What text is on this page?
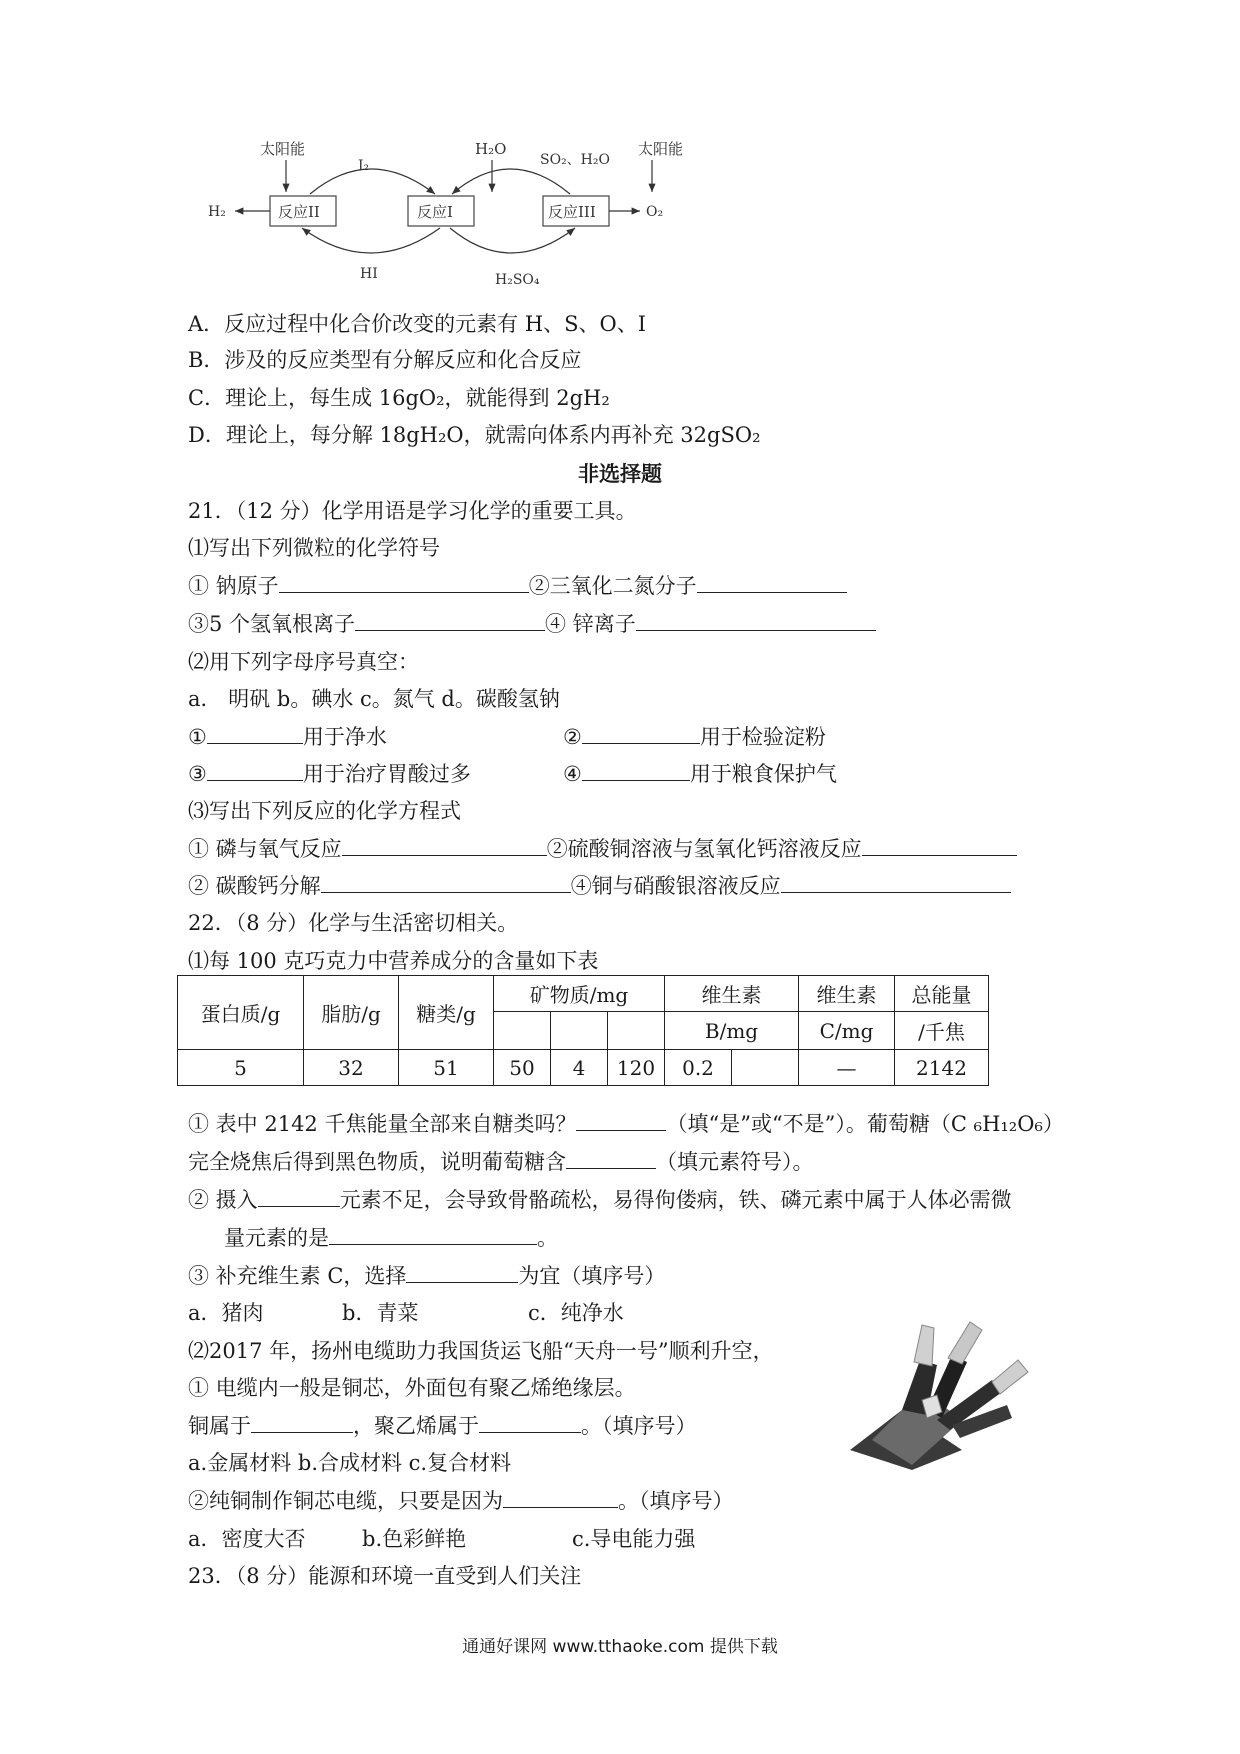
太阳能	H₂O
SO₂、H₂O
太阳能
I₂
反应II	反应I	反应III
H₂	O₂
HI	H₂SO₄
A．反应过程中化合价改变的元素有 H、S、O、I
B．涉及的反应类型有分解反应和化合反应
C．理论上，每生成 16gO₂，就能得到 2gH₂
D．理论上，每分解 18gH₂O，就需向体系内再补充 32gSO₂
非选择题
21．（12 分）化学用语是学习化学的重要工具。
⑴写出下列微粒的化学符号
① 钠原子	②三氧化二氮分子
③5 个氢氧根离子	④ 锌离子
⑵用下列字母序号真空：
a． 明矾 b。碘水 c。氮气 d。碳酸氢钠
①	用于净水	②	用于检验淀粉
③	用于治疗胃酸过多	④	用于粮食保护气
⑶写出下列反应的化学方程式
① 磷与氧气反应	②硫酸铜溶液与氢氧化钙溶液反应
② 碳酸钙分解	④铜与硝酸银溶液反应
22．（8 分）化学与生活密切相关。
⑴每 100 克巧克力中营养成分的含量如下表
蛋白质/g	脂肪/g	糖类/g	矿物质/mg			维生素		维生素	总能量
						B/mg		C/mg	/千焦
5	32	51	50	4	120	0.2		—	2142
① 表中 2142 千焦能量全部来自糖类吗？	（填“是”或“不是”）。葡萄糖（C ₆H₁₂O₆）
完全烧焦后得到黑色物质，说明葡萄糖含	（填元素符号）。
② 摄入	元素不足，会导致骨骼疏松，易得佝偻病，铁、磷元素中属于人体必需微
量元素的是	。
③ 补充维生素 C，选择	为宜（填序号）
a．猪肉	b．青菜	c．纯净水
⑵2017 年，扬州电缆助力我国货运飞船“天舟一号”顺利升空，
① 电缆内一般是铜芯，外面包有聚乙烯绝缘层。
铜属于	，聚乙烯属于	。（填序号）
a.金属材料 b.合成材料 c.复合材料
②纯铜制作铜芯电缆，只要是因为	。（填序号）
a．密度大否	b.色彩鲜艳	c.导电能力强
23．（8 分）能源和环境一直受到人们关注
通通好课网 www.tthaoke.com 提供下载
